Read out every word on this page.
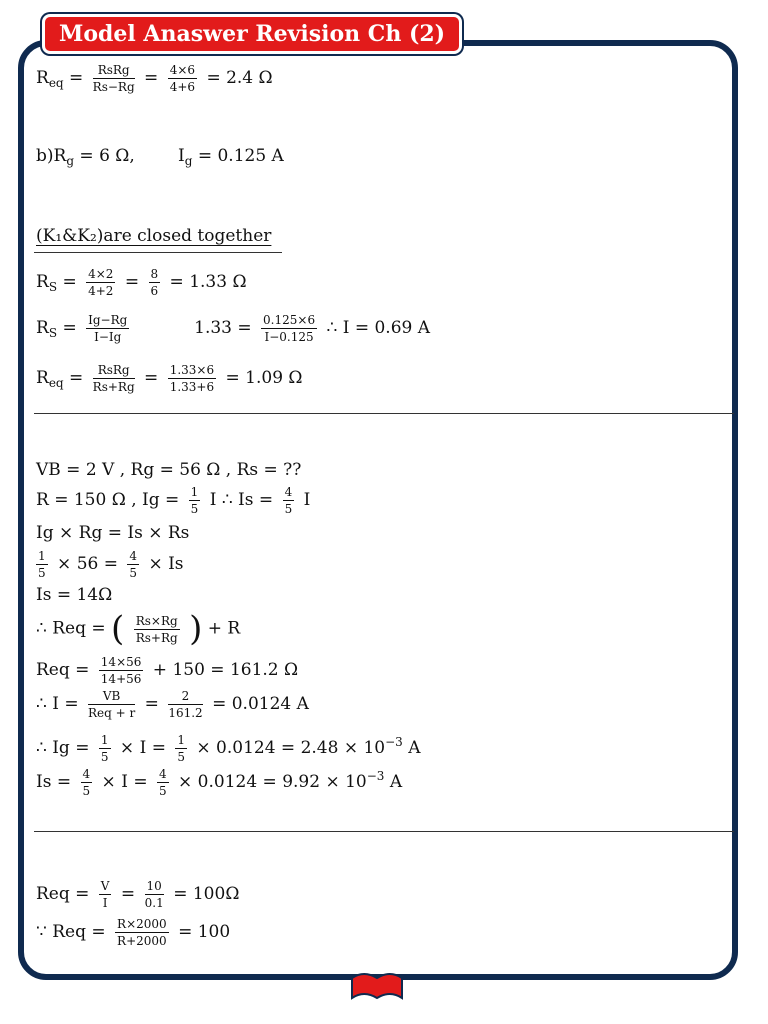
Model Anaswer Revision Ch (2)
$R_{eq} = \frac{\text{RsRg}}{Rs-Rg} = \frac{4\times 6}{4+6} = 2.4$ Ω
$b)R_g = 6$ Ω,        $I_g = 0.125$ A
(K₁&K₂)are closed together
$R_S = \frac{4\times 2}{4+2} = \frac{8}{6} = 1.33$ Ω
$R_S = \frac{Ig-Rg}{I-Ig}$	$1.33 = \frac{0.125\times 6}{I-0.125}$ ∴ I = 0.69 A
$R_{eq} = \frac{\text{RsRg}}{Rs+Rg} = \frac{1.33\times 6}{1.33+6} = 1.09$ Ω
VB = 2 V , Rg = 56 Ω , Rs = ??
R = 150 Ω , $Ig = \frac{1}{5}$ I ∴ $Is = \frac{4}{5}$ I
Ig × Rg = Is × Rs
$\frac{1}{5} \times 56 = \frac{4}{5} \times Is$
Is = 14Ω
∴ Req = ( $\frac{Rs\times Rg}{Rs+Rg}$ ) + R
Req = $\frac{14\times 56}{14+56} + 150 = 161.2$ Ω
∴ $I = \frac{VB}{\text{Req + r}} = \frac{2}{161.2} = 0.0124$ A
∴ $Ig = \frac{1}{5} \times I = \frac{1}{5} \times 0.0124 = 2.48 \times 10^{-3}$ A
$Is = \frac{4}{5} \times I = \frac{4}{5} \times 0.0124 = 9.92 \times 10^{-3}$ A
Req = $\frac{V}{I} = \frac{10}{0.1} = 100\Omega$
∵ Req = $\frac{R\times 2000}{R+2000} = 100$
